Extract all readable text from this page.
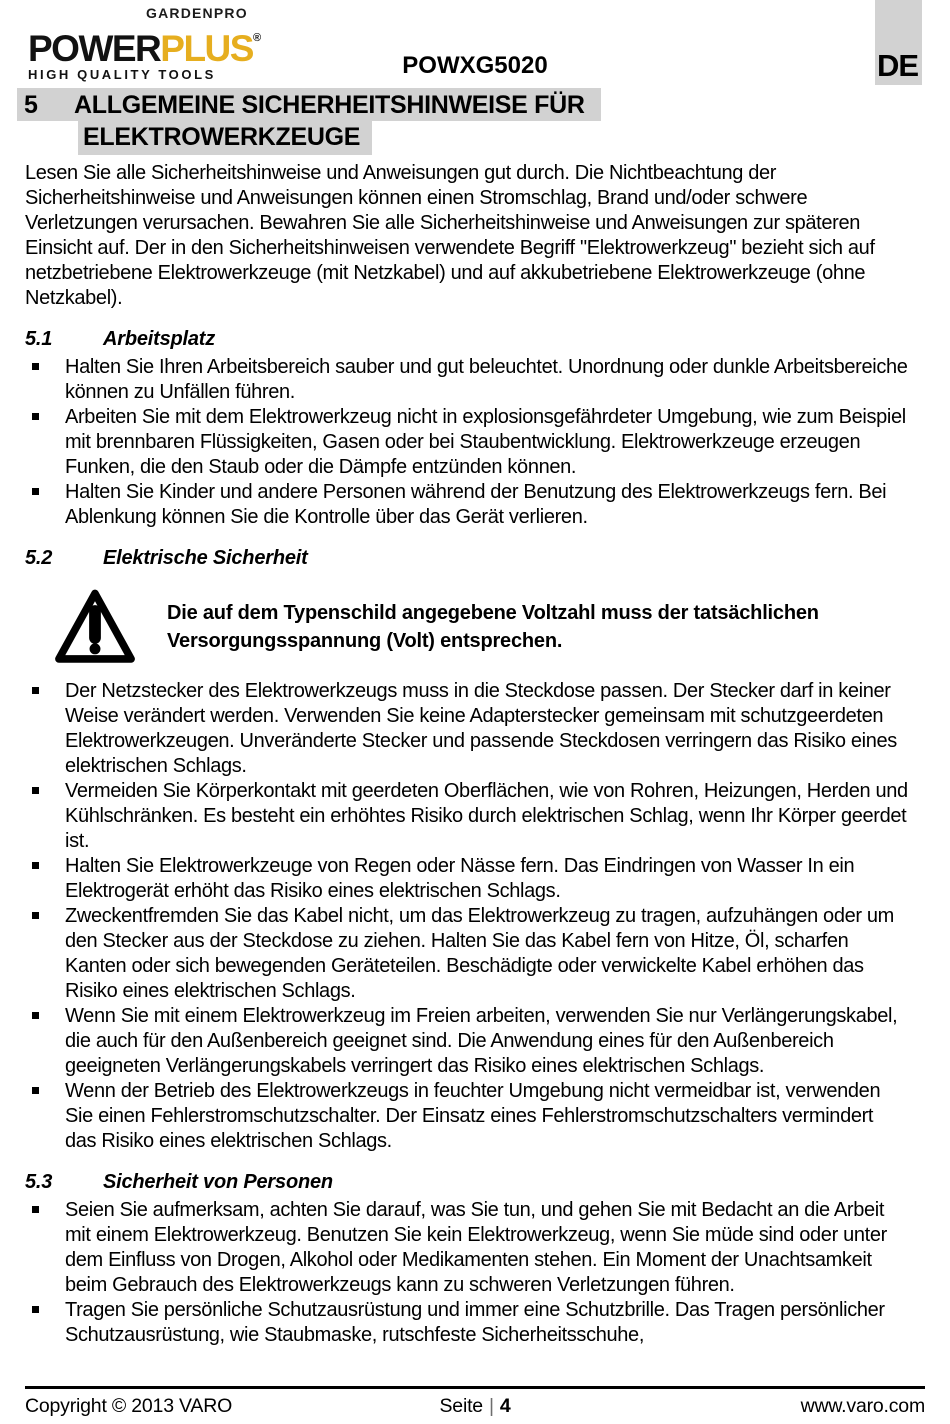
GARDENPRO
POWERPLUS®
HIGH QUALITY TOOLS	POWXG5020	DE
5 ALLGEMEINE SICHERHEITSHINWEISE FÜR
ELEKTROWERKZEUGE

Lesen Sie alle Sicherheitshinweise und Anweisungen gut durch. Die Nichtbeachtung der Sicherheitshinweise und Anweisungen können einen Stromschlag, Brand und/oder schwere Verletzungen verursachen. Bewahren Sie alle Sicherheitshinweise und Anweisungen zur späteren Einsicht auf. Der in den Sicherheitshinweisen verwendete Begriff "Elektrowerkzeug" bezieht sich auf netzbetriebene Elektrowerkzeuge (mit Netzkabel) und auf akkubetriebene Elektrowerkzeuge (ohne Netzkabel).

5.1	Arbeitsplatz
Halten Sie Ihren Arbeitsbereich sauber und gut beleuchtet. Unordnung oder dunkle Arbeitsbereiche können zu Unfällen führen.
Arbeiten Sie mit dem Elektrowerkzeug nicht in explosionsgefährdeter Umgebung, wie zum Beispiel mit brennbaren Flüssigkeiten, Gasen oder bei Staubentwicklung. Elektrowerkzeuge erzeugen Funken, die den Staub oder die Dämpfe entzünden können.
Halten Sie Kinder und andere Personen während der Benutzung des Elektrowerkzeugs fern. Bei Ablenkung können Sie die Kontrolle über das Gerät verlieren.
5.2	Elektrische Sicherheit
Die auf dem Typenschild angegebene Voltzahl muss der tatsächlichen Versorgungsspannung (Volt) entsprechen.
Der Netzstecker des Elektrowerkzeugs muss in die Steckdose passen. Der Stecker darf in keiner Weise verändert werden. Verwenden Sie keine Adapterstecker gemeinsam mit schutzgeerdeten Elektrowerkzeugen. Unveränderte Stecker und passende Steckdosen verringern das Risiko eines elektrischen Schlags.
Vermeiden Sie Körperkontakt mit geerdeten Oberflächen, wie von Rohren, Heizungen, Herden und Kühlschränken. Es besteht ein erhöhtes Risiko durch elektrischen Schlag, wenn Ihr Körper geerdet ist.
Halten Sie Elektrowerkzeuge von Regen oder Nässe fern. Das Eindringen von Wasser In ein Elektrogerät erhöht das Risiko eines elektrischen Schlags.
Zweckentfremden Sie das Kabel nicht, um das Elektrowerkzeug zu tragen, aufzuhängen oder um den Stecker aus der Steckdose zu ziehen. Halten Sie das Kabel fern von Hitze, Öl, scharfen Kanten oder sich bewegenden Geräteteilen. Beschädigte oder verwickelte Kabel erhöhen das Risiko eines elektrischen Schlags.
Wenn Sie mit einem Elektrowerkzeug im Freien arbeiten, verwenden Sie nur Verlängerungskabel, die auch für den Außenbereich geeignet sind. Die Anwendung eines für den Außenbereich geeigneten Verlängerungskabels verringert das Risiko eines elektrischen Schlags.
Wenn der Betrieb des Elektrowerkzeugs in feuchter Umgebung nicht vermeidbar ist, verwenden Sie einen Fehlerstromschutzschalter. Der Einsatz eines Fehlerstromschutzschalters vermindert das Risiko eines elektrischen Schlags.
5.3	Sicherheit von Personen
Seien Sie aufmerksam, achten Sie darauf, was Sie tun, und gehen Sie mit Bedacht an die Arbeit mit einem Elektrowerkzeug. Benutzen Sie kein Elektrowerkzeug, wenn Sie müde sind oder unter dem Einfluss von Drogen, Alkohol oder Medikamenten stehen. Ein Moment der Unachtsamkeit beim Gebrauch des Elektrowerkzeugs kann zu schweren Verletzungen führen.
Tragen Sie persönliche Schutzausrüstung und immer eine Schutzbrille. Das Tragen persönlicher Schutzausrüstung, wie Staubmaske, rutschfeste Sicherheitsschuhe,
Copyright © 2013 VARO	Seite | 4	www.varo.com
